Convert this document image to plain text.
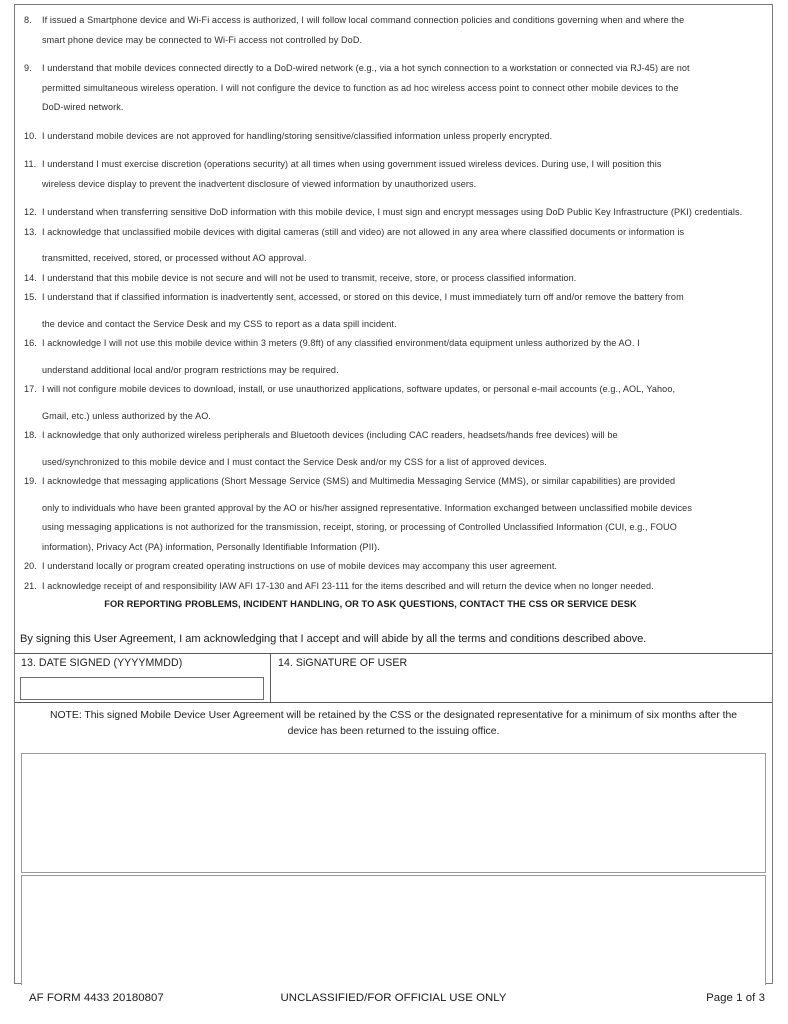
8.	If issued a Smartphone device and Wi-Fi access is authorized, I will follow local command connection policies and conditions governing when and where the
smart phone device may be connected to Wi-Fi access not controlled by DoD.
9.	I understand that mobile devices connected directly to a DoD-wired network (e.g., via a hot synch connection to a workstation or connected via RJ-45) are not
permitted simultaneous wireless operation. I will not configure the device to function as ad hoc wireless access point to connect other mobile devices to the
DoD-wired network.
10. I understand mobile devices are not approved for handling/storing sensitive/classified information unless properly encrypted.
11. I understand I must exercise discretion (operations security) at all times when using government issued wireless devices. During use, I will position this
wireless device display to prevent the inadvertent disclosure of viewed information by unauthorized users.
12. I understand when transferring sensitive DoD information with this mobile device, I must sign and encrypt messages using DoD Public Key Infrastructure (PKI) credentials.
13. I acknowledge that unclassified mobile devices with digital cameras (still and video) are not allowed in any area where classified documents or information is
transmitted, received, stored, or processed without AO approval.
14. I understand that this mobile device is not secure and will not be used to transmit, receive, store, or process classified information.
15. I understand that if classified information is inadvertently sent, accessed, or stored on this device, I must immediately turn off and/or remove the battery from
the device and contact the Service Desk and my CSS to report as a data spill incident.
16. I acknowledge I will not use this mobile device within 3 meters (9.8ft) of any classified environment/data equipment unless authorized by the AO. I
understand additional local and/or program restrictions may be required.
17. I will not configure mobile devices to download, install, or use unauthorized applications, software updates, or personal e-mail accounts (e.g., AOL, Yahoo,
Gmail, etc.) unless authorized by the AO.
18. I acknowledge that only authorized wireless peripherals and Bluetooth devices (including CAC readers, headsets/hands free devices) will be
used/synchronized to this mobile device and I must contact the Service Desk and/or my CSS for a list of approved devices.
19. I acknowledge that messaging applications (Short Message Service (SMS) and Multimedia Messaging Service (MMS), or similar capabilities) are provided
only to individuals who have been granted approval by the AO or his/her assigned representative. Information exchanged between unclassified mobile devices
using messaging applications is not authorized for the transmission, receipt, storing, or processing of Controlled Unclassified Information (CUI, e.g., FOUO
information), Privacy Act (PA) information, Personally Identifiable Information (PII).
20. I understand locally or program created operating instructions on use of mobile devices may accompany this user agreement.
21. I acknowledge receipt of and responsibility IAW AFI 17-130 and AFI 23-111 for the items described and will return the device when no longer needed.
FOR REPORTING PROBLEMS, INCIDENT HANDLING, OR TO ASK QUESTIONS, CONTACT THE CSS OR SERVICE DESK
By signing this User Agreement, I am acknowledging that I accept and will abide by all the terms and conditions described above.
13. DATE SIGNED (YYYYMMDD)	14. SiGNATURE OF USER
NOTE: This signed Mobile Device User Agreement will be retained by the CSS or the designated representative for a minimum of six months after the device has been returned to the issuing office.
AF FORM 4433 20180807	UNCLASSIFIED/FOR OFFICIAL USE ONLY	Page 1 of 3
